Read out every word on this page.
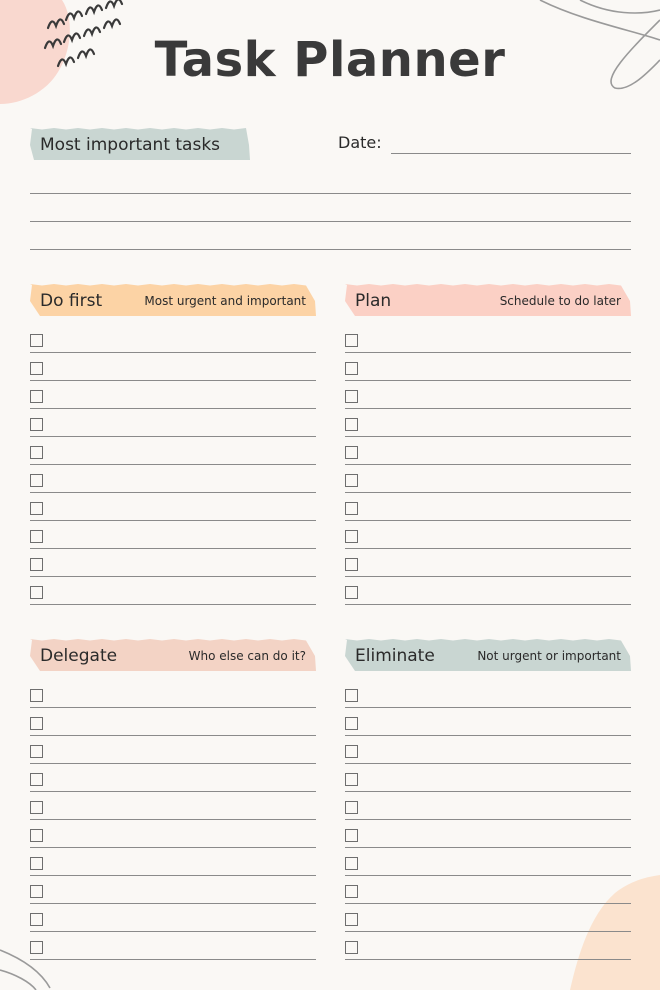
Task Planner
Most important tasks	Date:
Do first	Most urgent and important	Plan	Schedule to do later
Delegate	Who else can do it?	Eliminate	Not urgent or important
